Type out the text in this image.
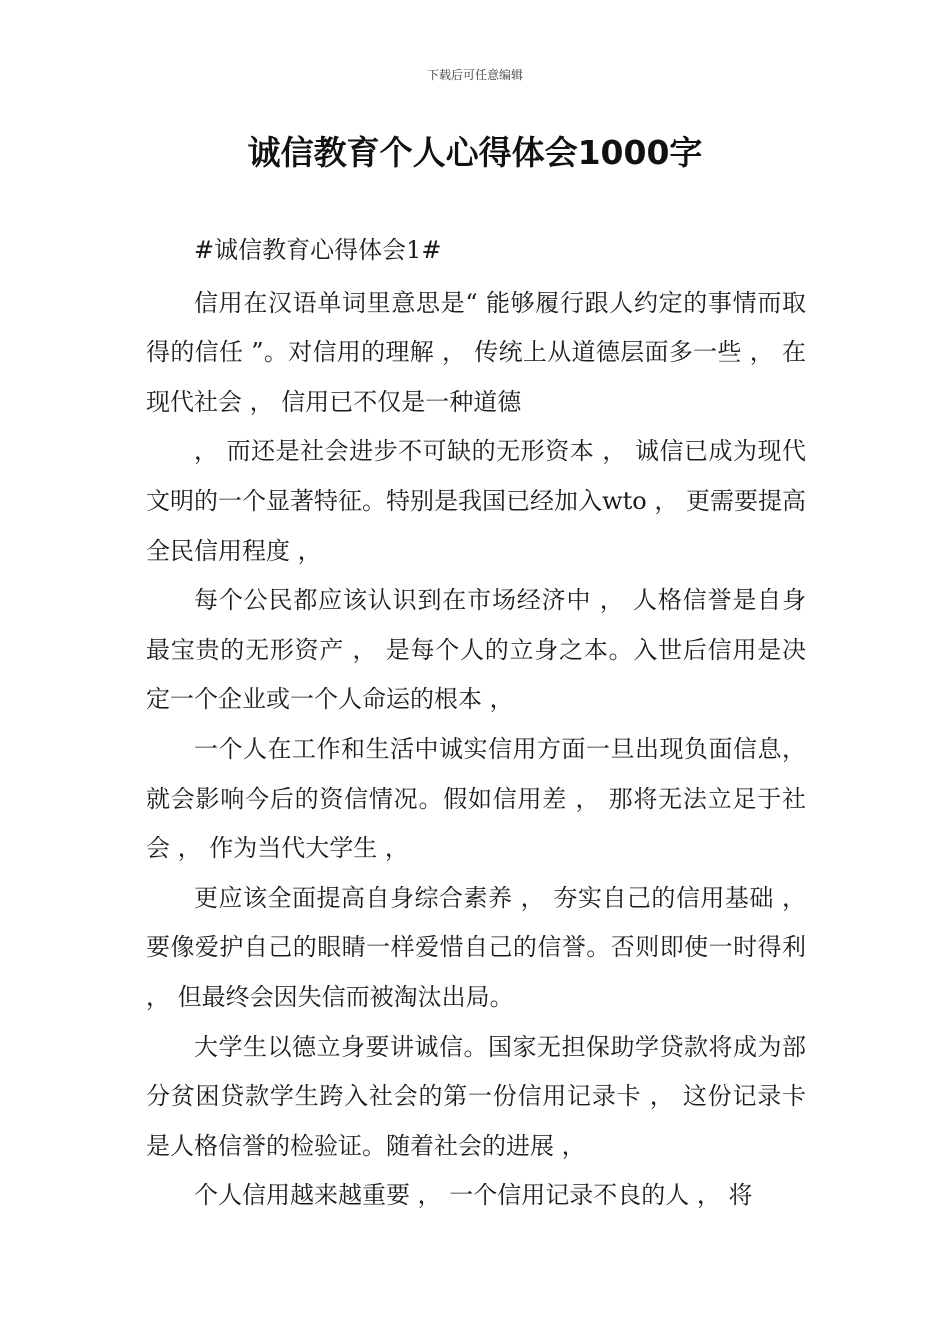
下载后可任意编辑
诚信教育个人心得体会1000字

#诚信教育心得体会1#

信用在汉语单词里意思是“ 能够履行跟人约定的事情而取得的信任 ”。对信用的理解 ， 传统上从道德层面多一些 ， 在现代社会 ， 信用已不仅是一种道德

， 而还是社会进步不可缺的无形资本 ， 诚信已成为现代文明的一个显著特征。特别是我国已经加入wto ， 更需要提高全民信用程度 ，

每个公民都应该认识到在市场经济中 ， 人格信誉是自身最宝贵的无形资产 ， 是每个人的立身之本。入世后信用是决定一个企业或一个人命运的根本 ，

一个人在工作和生活中诚实信用方面一旦出现负面信息，就会影响今后的资信情况。假如信用差 ， 那将无法立足于社会 ， 作为当代大学生 ，

更应该全面提高自身综合素养 ， 夯实自己的信用基础 ，要像爱护自己的眼睛一样爱惜自己的信誉。否则即使一时得利 ， 但最终会因失信而被淘汰出局。

大学生以德立身要讲诚信。国家无担保助学贷款将成为部分贫困贷款学生跨入社会的第一份信用记录卡 ， 这份记录卡是人格信誉的检验证。随着社会的进展 ，

个人信用越来越重要 ， 一个信用记录不良的人 ， 将
